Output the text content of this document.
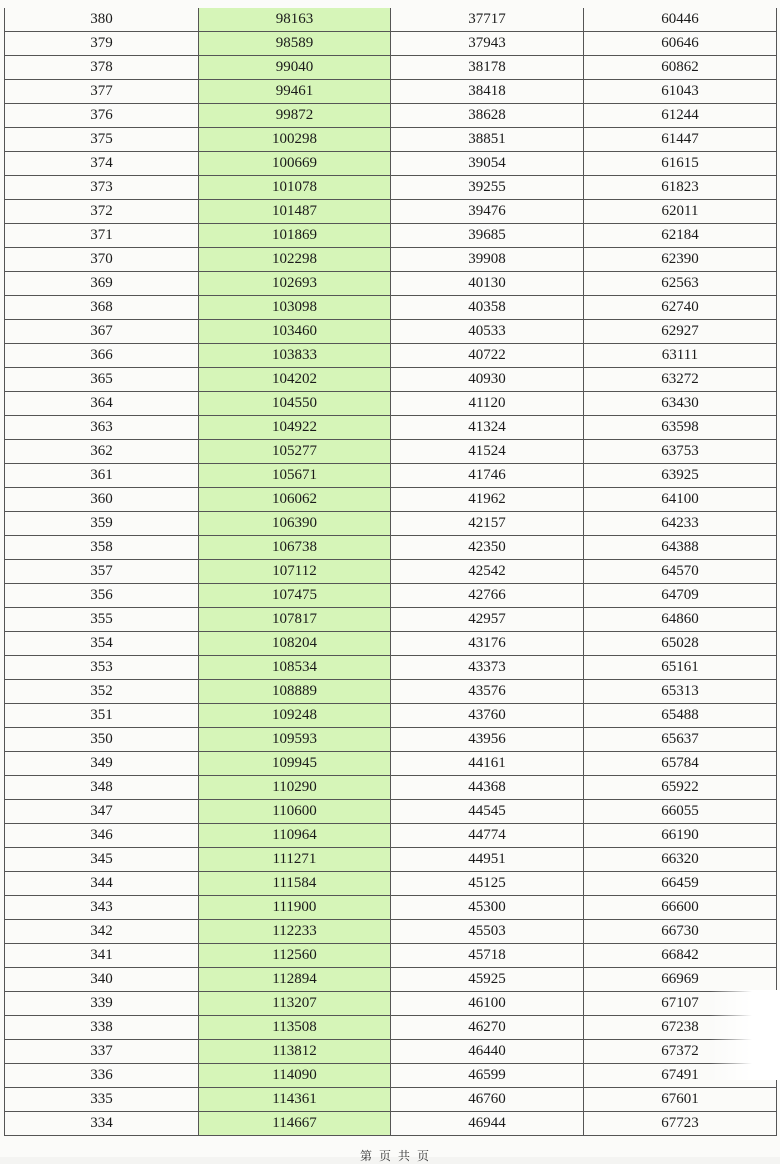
380	98163	37717	60446
379	98589	37943	60646
378	99040	38178	60862
377	99461	38418	61043
376	99872	38628	61244
375	100298	38851	61447
374	100669	39054	61615
373	101078	39255	61823
372	101487	39476	62011
371	101869	39685	62184
370	102298	39908	62390
369	102693	40130	62563
368	103098	40358	62740
367	103460	40533	62927
366	103833	40722	63111
365	104202	40930	63272
364	104550	41120	63430
363	104922	41324	63598
362	105277	41524	63753
361	105671	41746	63925
360	106062	41962	64100
359	106390	42157	64233
358	106738	42350	64388
357	107112	42542	64570
356	107475	42766	64709
355	107817	42957	64860
354	108204	43176	65028
353	108534	43373	65161
352	108889	43576	65313
351	109248	43760	65488
350	109593	43956	65637
349	109945	44161	65784
348	110290	44368	65922
347	110600	44545	66055
346	110964	44774	66190
345	111271	44951	66320
344	111584	45125	66459
343	111900	45300	66600
342	112233	45503	66730
341	112560	45718	66842
340	112894	45925	66969
339	113207	46100	67107
338	113508	46270	67238
337	113812	46440	67372
336	114090	46599	67491
335	114361	46760	67601
334	114667	46944	67723
第 页 共 页
